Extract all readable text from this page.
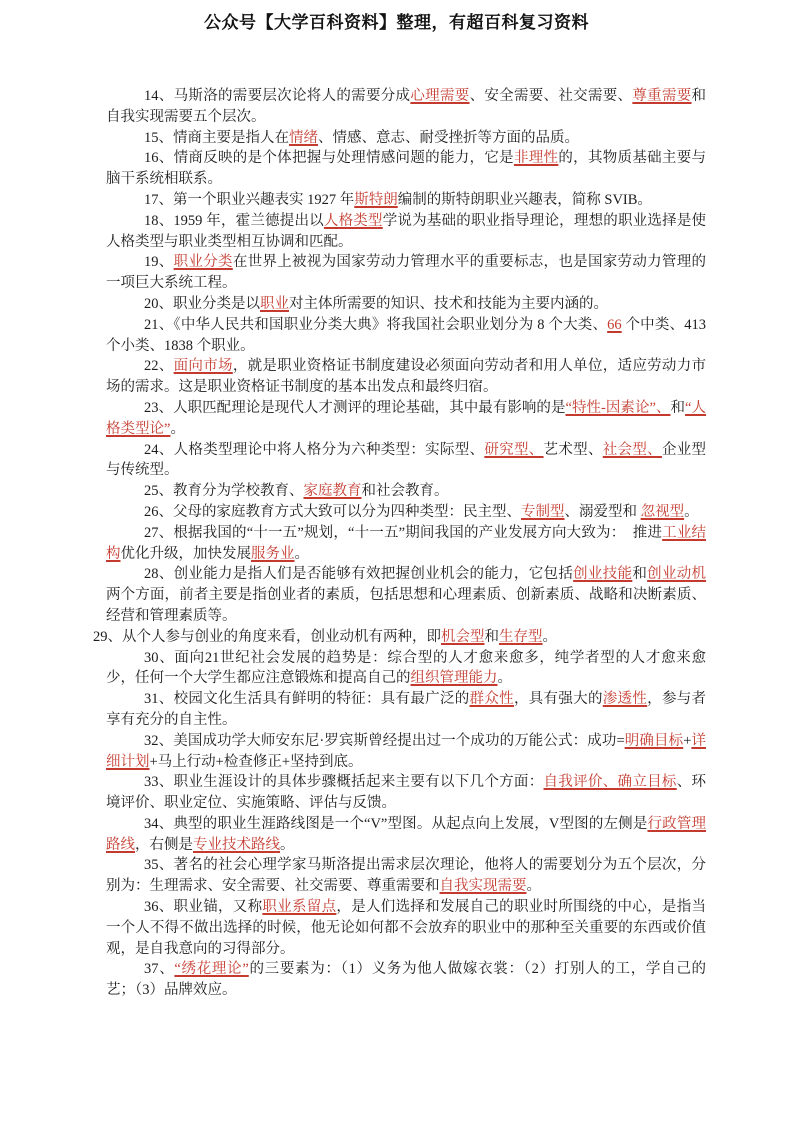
公众号【大学百科资料】整理，有超百科复习资料

14、马斯洛的需要层次论将人的需要分成心理需要、安全需要、社交需要、尊重需要和自我实现需要五个层次。

15、情商主要是指人在情绪、情感、意志、耐受挫折等方面的品质。

16、情商反映的是个体把握与处理情感问题的能力，它是非理性的，其物质基础主要与脑干系统相联系。

17、第一个职业兴趣表实 1927 年斯特朗编制的斯特朗职业兴趣表，简称 SVIB。

18、1959 年，霍兰德提出以人格类型学说为基础的职业指导理论，理想的职业选择是使人格类型与职业类型相互协调和匹配。

19、职业分类在世界上被视为国家劳动力管理水平的重要标志，也是国家劳动力管理的一项巨大系统工程。

20、职业分类是以职业对主体所需要的知识、技术和技能为主要内涵的。

21、《中华人民共和国职业分类大典》将我国社会职业划分为 8 个大类、66 个中类、413 个小类、1838 个职业。

22、面向市场，就是职业资格证书制度建设必须面向劳动者和用人单位，适应劳动力市场的需求。这是职业资格证书制度的基本出发点和最终归宿。

23、人职匹配理论是现代人才测评的理论基础，其中最有影响的是“特性-因素论”、和“人格类型论”。

24、人格类型理论中将人格分为六种类型：实际型、研究型、艺术型、社会型、企业型与传统型。

25、教育分为学校教育、家庭教育和社会教育。

26、父母的家庭教育方式大致可以分为四种类型：民主型、专制型、溺爱型和 忽视型。

27、根据我国的“十一五”规划，“十一五”期间我国的产业发展方向大致为：　推进工业结构优化升级，加快发展服务业。

28、创业能力是指人们是否能够有效把握创业机会的能力，它包括创业技能和创业动机 两个方面，前者主要是指创业者的素质，包括思想和心理素质、创新素质、战略和决断素质、经营和管理素质等。

29、从个人参与创业的角度来看，创业动机有两种，即机会型和生存型。

30、面向21世纪社会发展的趋势是：综合型的人才愈来愈多，纯学者型的人才愈来愈少，任何一个大学生都应注意锻炼和提高自己的组织管理能力。

31、校园文化生活具有鲜明的特征：具有最广泛的群众性，具有强大的渗透性，参与者享有充分的自主性。

32、美国成功学大师安东尼·罗宾斯曾经提出过一个成功的万能公式：成功=明确目标+详细计划+马上行动+检查修正+坚持到底。

33、职业生涯设计的具体步骤概括起来主要有以下几个方面：自我评价、确立目标、环境评价、职业定位、实施策略、评估与反馈。

34、典型的职业生涯路线图是一个“V”型图。从起点向上发展，V型图的左侧是行政管理路线，右侧是专业技术路线。

35、著名的社会心理学家马斯洛提出需求层次理论，他将人的需要划分为五个层次，分别为：生理需求、安全需要、社交需要、尊重需要和自我实现需要。

36、职业锚，又称职业系留点，是人们选择和发展自己的职业时所围绕的中心，是指当一个人不得不做出选择的时候，他无论如何都不会放弃的职业中的那种至关重要的东西或价值观，是自我意向的习得部分。

37、“绣花理论”的三要素为：（1）义务为他人做嫁衣裳：（2）打别人的工，学自己的艺；（3）品牌效应。
